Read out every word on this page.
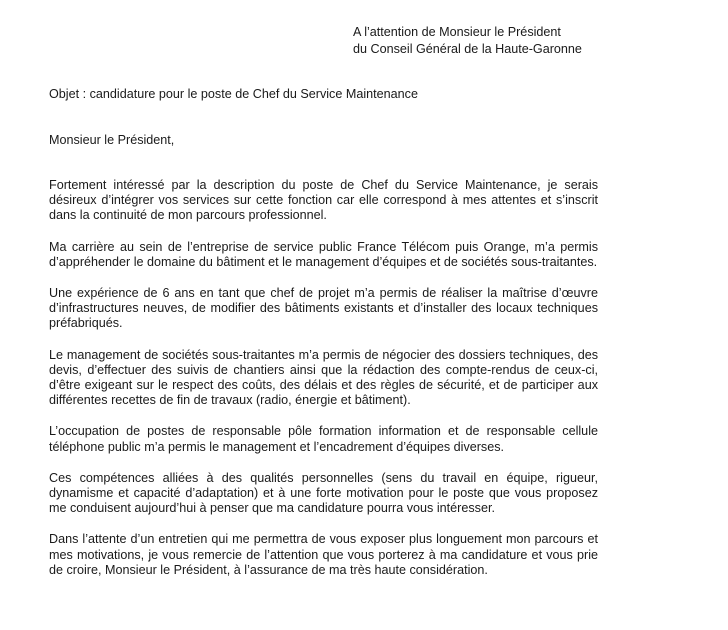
A l’attention de Monsieur le Président
du Conseil Général de la Haute-Garonne
Objet : candidature pour le poste de Chef du Service Maintenance
Monsieur le Président,

Fortement intéressé par la description du poste de Chef du Service Maintenance, je serais désireux d’intégrer vos services sur cette fonction car elle correspond à mes attentes et s’inscrit dans la continuité de mon parcours professionnel.

Ma carrière au sein de l’entreprise de service public France Télécom puis Orange, m’a permis d’appréhender le domaine du bâtiment et le management d’équipes et de sociétés sous-traitantes.

Une expérience de 6 ans en tant que chef de projet m’a permis de réaliser la maîtrise d’œuvre d’infrastructures neuves, de modifier des bâtiments existants et d’installer des locaux techniques préfabriqués.

Le management de sociétés sous-traitantes m’a permis de négocier des dossiers techniques, des devis, d’effectuer des suivis de chantiers ainsi que la rédaction des compte-rendus de ceux-ci, d’être exigeant sur le respect des coûts, des délais et des règles de sécurité, et de participer aux différentes recettes de fin de travaux (radio, énergie et bâtiment).

L’occupation de postes de responsable pôle formation information et de responsable cellule téléphone public m’a permis le management et l’encadrement d’équipes diverses.

Ces compétences alliées à des qualités personnelles (sens du travail en équipe, rigueur, dynamisme et capacité d’adaptation) et à une forte motivation pour le poste que vous proposez me conduisent aujourd’hui à penser que ma candidature pourra vous intéresser.

Dans l’attente d’un entretien qui me permettra de vous exposer plus longuement mon parcours et mes motivations, je vous remercie de l’attention que vous porterez à ma candidature et vous prie de croire, Monsieur le Président, à l’assurance de ma très haute considération.
